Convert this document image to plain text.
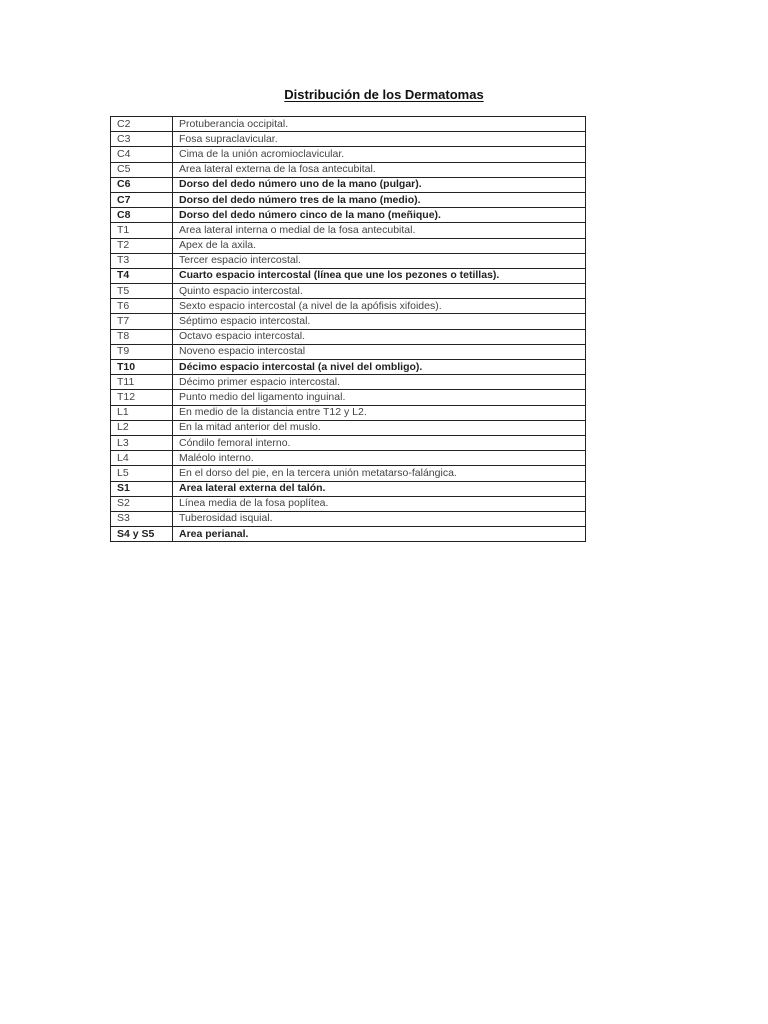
Distribución de los Dermatomas
C2	Protuberancia occipital.
C3	Fosa supraclavicular.
C4	Cima de la unión acromioclavicular.
C5	Area lateral externa de la fosa antecubital.
C6	Dorso del dedo número uno de la mano (pulgar).
C7	Dorso del dedo número tres de la mano (medio).
C8	Dorso del dedo número cinco de la mano (meñique).
T1	Area lateral interna o medial de la fosa antecubital.
T2	Apex de la axila.
T3	Tercer espacio intercostal.
T4	Cuarto espacio intercostal (línea que une los pezones o tetillas).
T5	Quinto espacio intercostal.
T6	Sexto espacio intercostal (a nivel de la apófisis xifoides).
T7	Séptimo espacio intercostal.
T8	Octavo espacio intercostal.
T9	Noveno espacio intercostal
T10	Décimo espacio intercostal (a nivel del ombligo).
T11	Décimo primer espacio intercostal.
T12	Punto medio del ligamento inguinal.
L1	En medio de la distancia entre T12 y L2.
L2	En la mitad anterior del muslo.
L3	Cóndilo femoral interno.
L4	Maléolo interno.
L5	En el dorso del pie, en la tercera unión metatarso-falángica.
S1	Area lateral externa del talón.
S2	Línea media de la fosa poplítea.
S3	Tuberosidad isquial.
S4 y S5	Area perianal.
